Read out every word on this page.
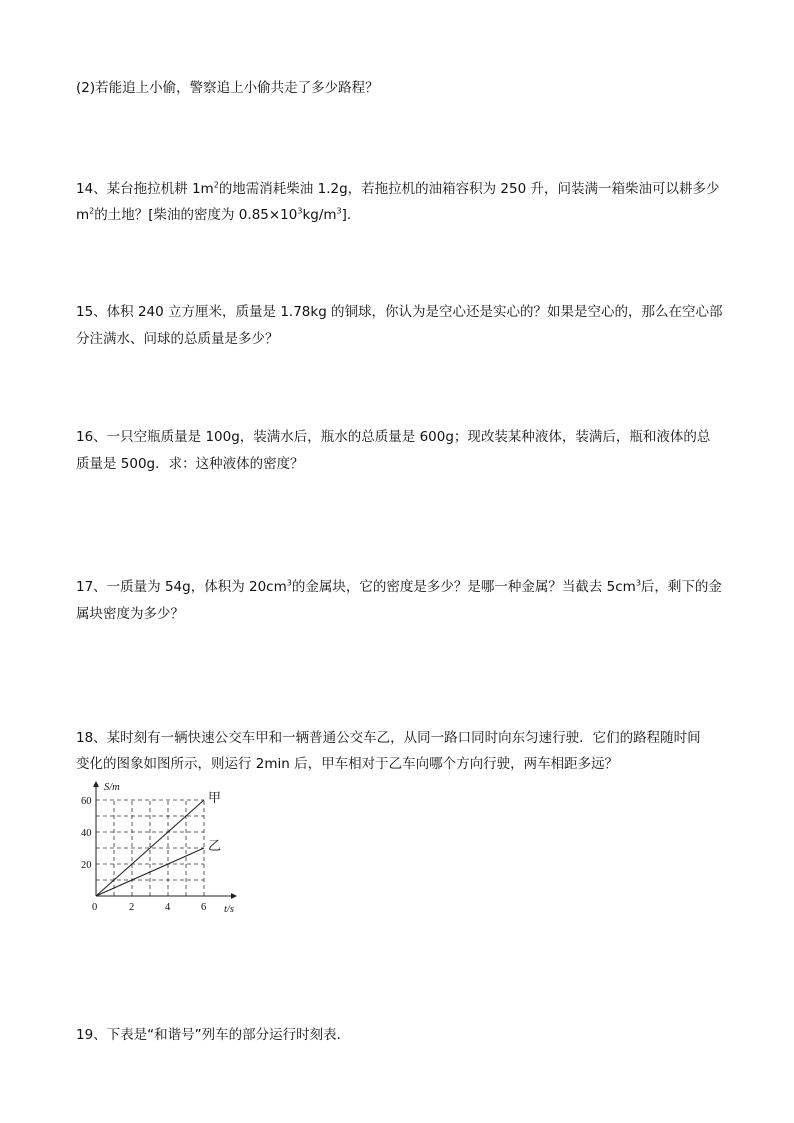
(2)若能追上小偷，警察追上小偷共走了多少路程？
14、某台拖拉机耕 $1m^2$的地需消耗柴油 1.2g，若拖拉机的油箱容积为 250 升，问装满一箱柴油可以耕多少
$m^2$的土地？[柴油的密度为 $0.85\times 10^3kg/m^3$].
15、体积 240 立方厘米，质量是 1.78kg 的铜球，你认为是空心还是实心的？如果是空心的，那么在空心部
分注满水、问球的总质量是多少？
16、一只空瓶质量是 100g，装满水后，瓶水的总质量是 600g；现改装某种液体，装满后，瓶和液体的总
质量是 500g．求：这种液体的密度？
17、一质量为 54g，体积为 $20cm^3$的金属块，它的密度是多少？是哪一种金属？当截去 $5cm^3$后，剩下的金
属块密度为多少？
18、某时刻有一辆快速公交车甲和一辆普通公交车乙，从同一路口同时向东匀速行驶．它们的路程随时间
变化的图象如图所示，则运行 2min 后，甲车相对于乙车向哪个方向行驶，两车相距多远？
甲
乙
0	2	4	6
20
40
60
S/m
t/s
19、下表是“和谐号”列车的部分运行时刻表．
